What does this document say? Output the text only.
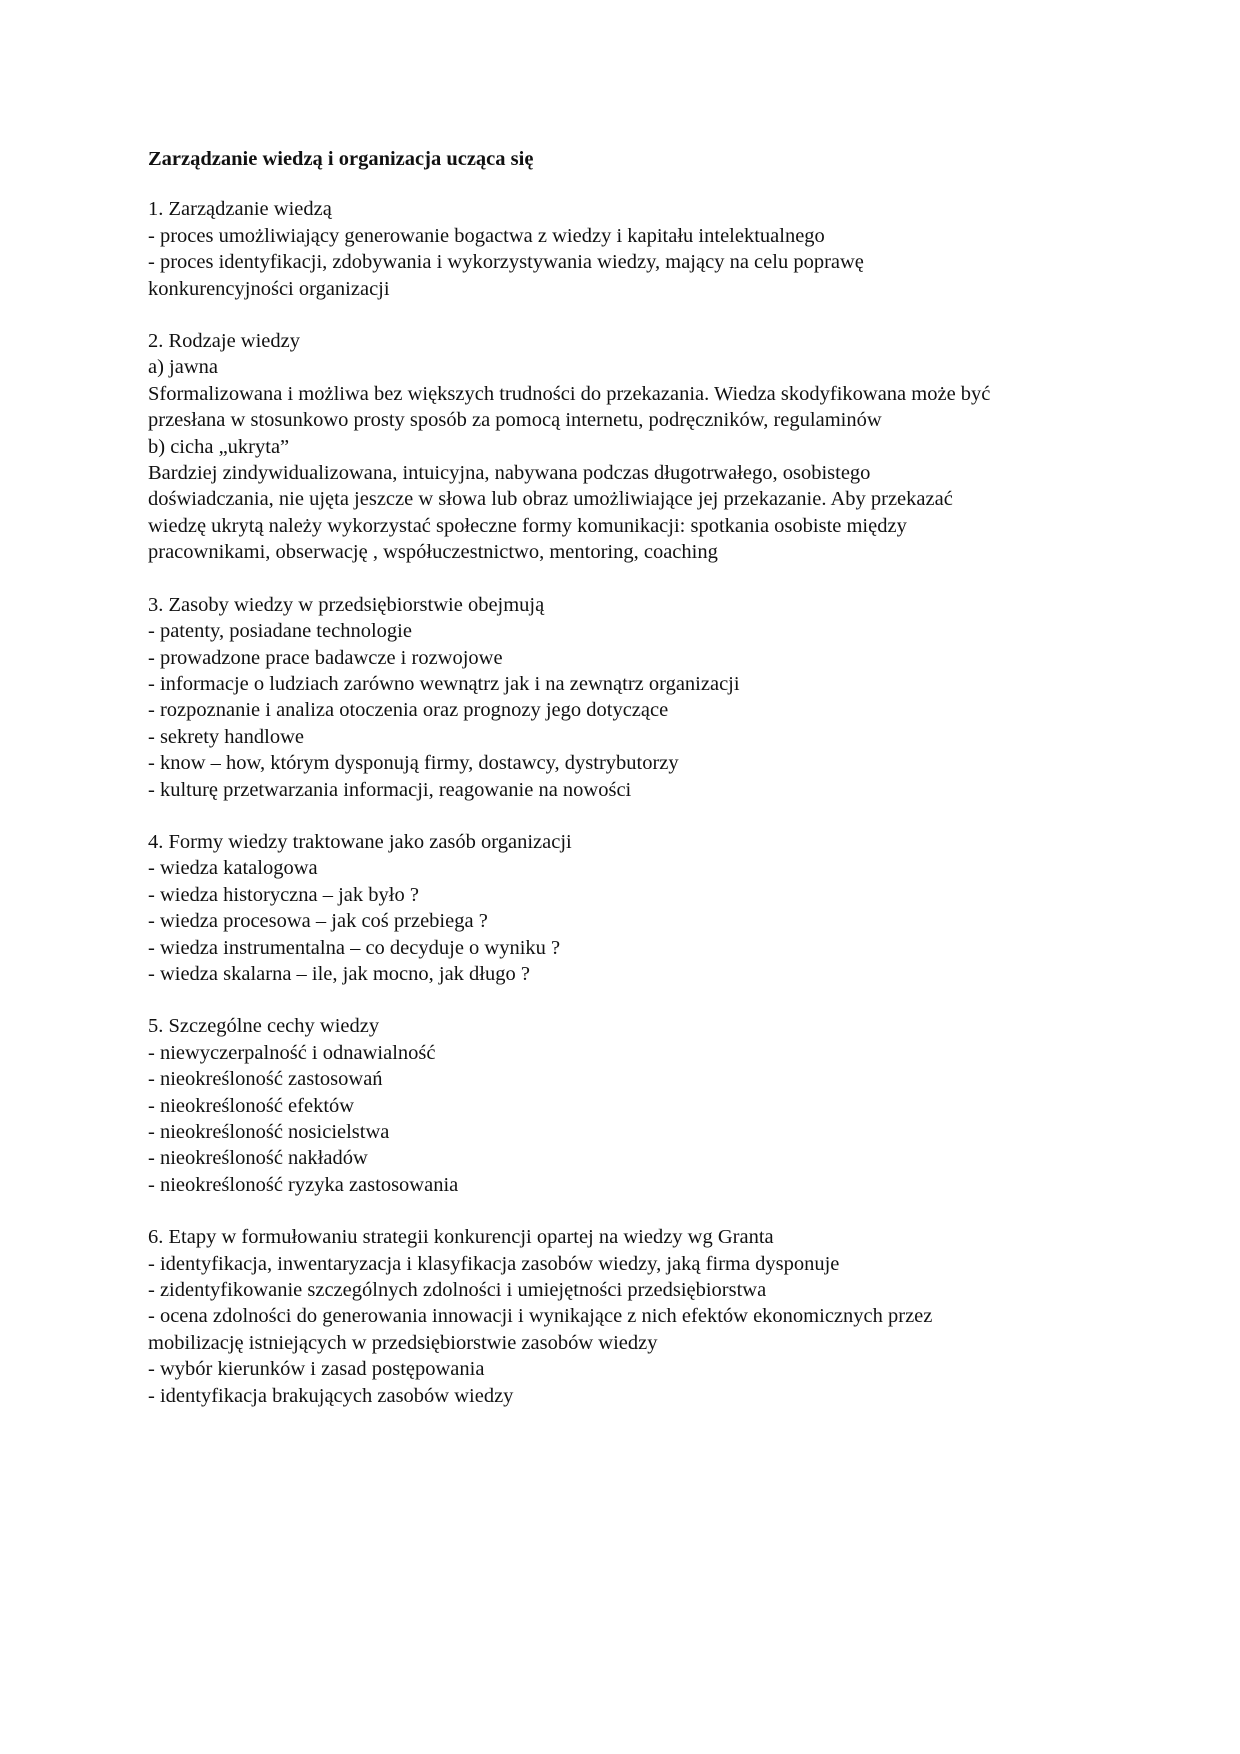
Zarządzanie wiedzą i organizacja ucząca się
1. Zarządzanie wiedzą
- proces umożliwiający generowanie bogactwa z wiedzy i kapitału intelektualnego
- proces identyfikacji, zdobywania i wykorzystywania wiedzy, mający na celu poprawę
konkurencyjności organizacji
2. Rodzaje wiedzy
a) jawna
Sformalizowana i możliwa bez większych trudności do przekazania. Wiedza skodyfikowana może być
przesłana w stosunkowo prosty sposób za pomocą internetu, podręczników, regulaminów
b) cicha „ukryta”
Bardziej zindywidualizowana, intuicyjna, nabywana podczas długotrwałego, osobistego
doświadczania, nie ujęta jeszcze w słowa lub obraz umożliwiające jej przekazanie. Aby przekazać
wiedzę ukrytą należy wykorzystać społeczne formy komunikacji: spotkania osobiste między
pracownikami, obserwację , współuczestnictwo, mentoring, coaching
3. Zasoby wiedzy w przedsiębiorstwie obejmują
- patenty, posiadane technologie
- prowadzone prace badawcze i rozwojowe
- informacje o ludziach zarówno wewnątrz jak i na zewnątrz organizacji
- rozpoznanie i analiza otoczenia oraz prognozy jego dotyczące
- sekrety handlowe
- know – how, którym dysponują firmy, dostawcy, dystrybutorzy
- kulturę przetwarzania informacji, reagowanie na nowości
4. Formy wiedzy traktowane jako zasób organizacji
- wiedza katalogowa
- wiedza historyczna – jak było ?
- wiedza procesowa – jak coś przebiega ?
- wiedza instrumentalna – co decyduje o wyniku ?
- wiedza skalarna – ile, jak mocno, jak długo ?
5. Szczególne cechy wiedzy
- niewyczerpalność i odnawialność
- nieokreśloność zastosowań
- nieokreśloność efektów
- nieokreśloność nosicielstwa
- nieokreśloność nakładów
- nieokreśloność ryzyka zastosowania
6. Etapy w formułowaniu strategii konkurencji opartej na wiedzy wg Granta
- identyfikacja, inwentaryzacja i klasyfikacja zasobów wiedzy, jaką firma dysponuje
- zidentyfikowanie szczególnych zdolności i umiejętności przedsiębiorstwa
- ocena zdolności do generowania innowacji i wynikające z nich efektów ekonomicznych przez
mobilizację istniejących w przedsiębiorstwie zasobów wiedzy
- wybór kierunków i zasad postępowania
- identyfikacja brakujących zasobów wiedzy
